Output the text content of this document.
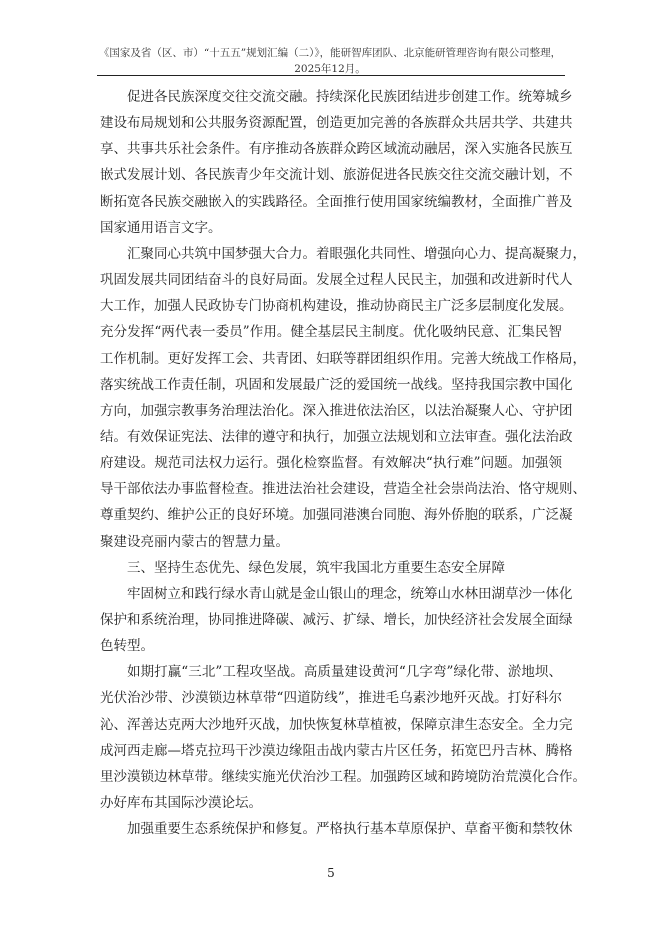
《国家及省（区、市）“十五五”规划汇编（二）》，能研智库团队、北京能研管理咨询有限公司整理，
2025年12月。
促进各民族深度交往交流交融。持续深化民族团结进步创建工作。统筹城乡
建设布局规划和公共服务资源配置，创造更加完善的各族群众共居共学、共建共
享、共事共乐社会条件。有序推动各族群众跨区域流动融居，深入实施各民族互
嵌式发展计划、各民族青少年交流计划、旅游促进各民族交往交流交融计划，不
断拓宽各民族交融嵌入的实践路径。全面推行使用国家统编教材，全面推广普及
国家通用语言文字。
汇聚同心共筑中国梦强大合力。着眼强化共同性、增强向心力、提高凝聚力，
巩固发展共同团结奋斗的良好局面。发展全过程人民民主，加强和改进新时代人
大工作，加强人民政协专门协商机构建设，推动协商民主广泛多层制度化发展。
充分发挥“两代表一委员”作用。健全基层民主制度。优化吸纳民意、汇集民智
工作机制。更好发挥工会、共青团、妇联等群团组织作用。完善大统战工作格局，
落实统战工作责任制，巩固和发展最广泛的爱国统一战线。坚持我国宗教中国化
方向，加强宗教事务治理法治化。深入推进依法治区，以法治凝聚人心、守护团
结。有效保证宪法、法律的遵守和执行，加强立法规划和立法审查。强化法治政
府建设。规范司法权力运行。强化检察监督。有效解决“执行难”问题。加强领
导干部依法办事监督检查。推进法治社会建设，营造全社会崇尚法治、恪守规则、
尊重契约、维护公正的良好环境。加强同港澳台同胞、海外侨胞的联系，广泛凝
聚建设亮丽内蒙古的智慧力量。
三、坚持生态优先、绿色发展，筑牢我国北方重要生态安全屏障
牢固树立和践行绿水青山就是金山银山的理念，统筹山水林田湖草沙一体化
保护和系统治理，协同推进降碳、减污、扩绿、增长，加快经济社会发展全面绿
色转型。
如期打赢“三北”工程攻坚战。高质量建设黄河“几字弯”绿化带、淤地坝、
光伏治沙带、沙漠锁边林草带“四道防线”，推进毛乌素沙地歼灭战。打好科尔
沁、浑善达克两大沙地歼灭战，加快恢复林草植被，保障京津生态安全。全力完
成河西走廊—塔克拉玛干沙漠边缘阻击战内蒙古片区任务，拓宽巴丹吉林、腾格
里沙漠锁边林草带。继续实施光伏治沙工程。加强跨区域和跨境防治荒漠化合作。
办好库布其国际沙漠论坛。
加强重要生态系统保护和修复。严格执行基本草原保护、草畜平衡和禁牧休
5
